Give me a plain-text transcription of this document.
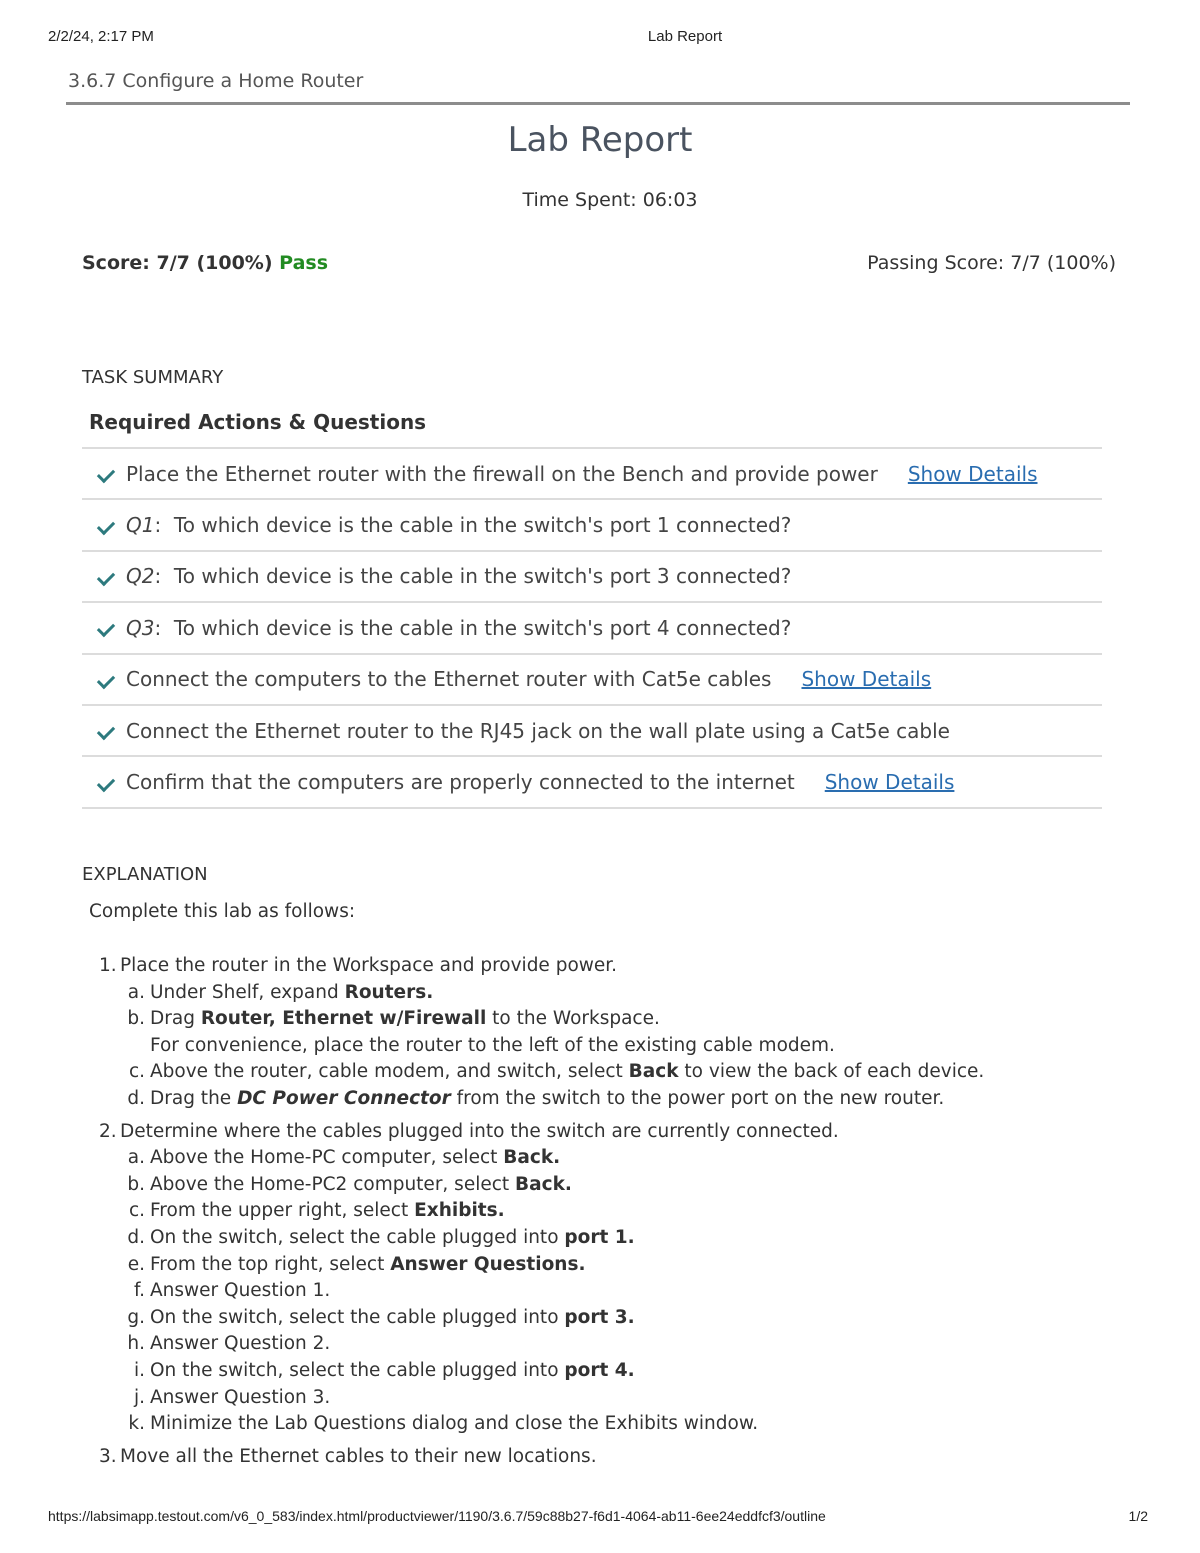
2/2/24, 2:17 PM	Lab Report
3.6.7 Configure a Home Router
Lab Report
Time Spent: 06:03
Score: 7/7 (100%) Pass	Passing Score: 7/7 (100%)
TASK SUMMARY
Required Actions & Questions
Place the Ethernet router with the firewall on the Bench and provide power Show Details
Q1 : To which device is the cable in the switch's port 1 connected?
Q2 : To which device is the cable in the switch's port 3 connected?
Q3 : To which device is the cable in the switch's port 4 connected?
Connect the computers to the Ethernet router with Cat5e cables Show Details
Connect the Ethernet router to the RJ45 jack on the wall plate using a Cat5e cable
Confirm that the computers are properly connected to the internet Show Details
EXPLANATION
Complete this lab as follows:
1. Place the router in the Workspace and provide power.
a. Under Shelf, expand Routers.
b. Drag Router, Ethernet w/Firewall to the Workspace.
For convenience, place the router to the left of the existing cable modem.
c. Above the router, cable modem, and switch, select Back to view the back of each device.
d. Drag the DC Power Connector from the switch to the power port on the new router.
2. Determine where the cables plugged into the switch are currently connected.
a. Above the Home-PC computer, select Back.
b. Above the Home-PC2 computer, select Back.
c. From the upper right, select Exhibits.
d. On the switch, select the cable plugged into port 1.
e. From the top right, select Answer Questions.
f. Answer Question 1.
g. On the switch, select the cable plugged into port 3.
h. Answer Question 2.
i. On the switch, select the cable plugged into port 4.
j. Answer Question 3.
k. Minimize the Lab Questions dialog and close the Exhibits window.
3. Move all the Ethernet cables to their new locations.
https://labsimapp.testout.com/v6_0_583/index.html/productviewer/1190/3.6.7/59c88b27-f6d1-4064-ab11-6ee24eddfcf3/outline	1/2
